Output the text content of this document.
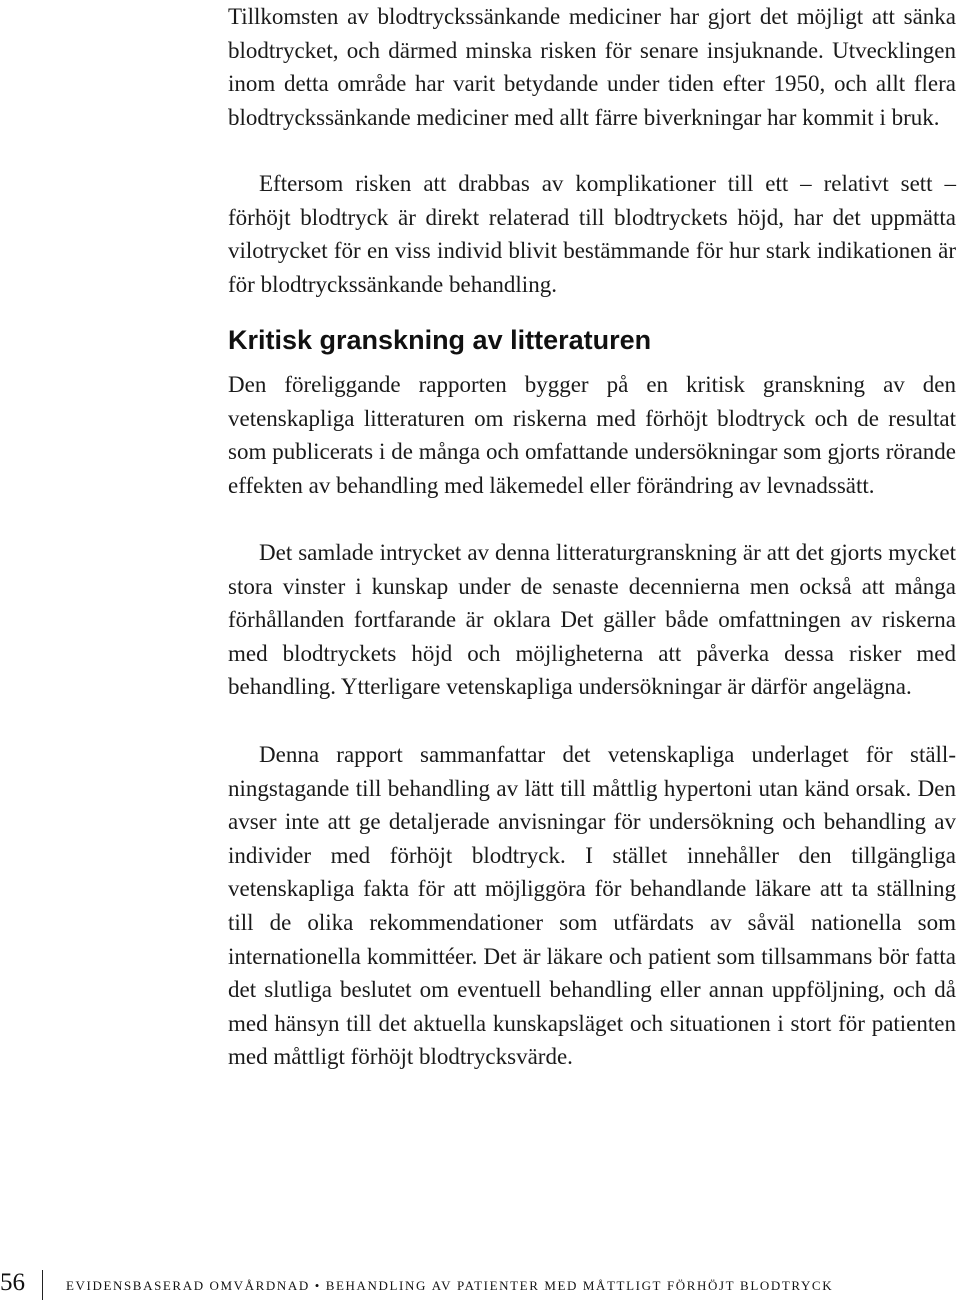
Tillkomsten av blodtryckssänkande mediciner har gjort det möjligt att sänka blodtrycket, och därmed minska risken för senare insjuknande. Utvecklingen inom detta område har varit betydande under tiden efter 1950, och allt flera blodtryckssänkande mediciner med allt färre biverkningar har kommit i bruk.

Eftersom risken att drabbas av komplikationer till ett – relativt sett – förhöjt blodtryck är direkt relaterad till blodtryckets höjd, har det uppmätta vilotrycket för en viss individ blivit bestämmande för hur stark indikationen är för blodtryckssänkande behandling.

Kritisk granskning av litteraturen

Den föreliggande rapporten bygger på en kritisk granskning av den vetenskapliga litteraturen om riskerna med förhöjt blodtryck och de resultat som publicerats i de många och omfattande undersökningar som gjorts rörande effekten av behandling med läkemedel eller förändring av levnadssätt.

Det samlade intrycket av denna litteraturgranskning är att det gjorts mycket stora vinster i kunskap under de senaste decennierna men också att många förhållanden fortfarande är oklara Det gäller både omfattningen av riskerna med blodtryckets höjd och möjligheterna att påverka dessa risker med behandling. Ytterligare vetenskapliga undersökningar är därför angelägna.

Denna rapport sammanfattar det vetenskapliga underlaget för ställningstagande till behandling av lätt till måttlig hypertoni utan känd orsak. Den avser inte att ge detaljerade anvisningar för undersökning och behandling av individer med förhöjt blodtryck. I stället innehåller den tillgängliga vetenskapliga fakta för att möjliggöra för behandlande läkare att ta ställning till de olika rekommendationer som utfärdats av såväl nationella som internationella kommittéer. Det är läkare och patient som tillsammans bör fatta det slutliga beslutet om eventuell behandling eller annan uppföljning, och då med hänsyn till det aktuella kunskapsläget och situationen i stort för patienten med måttligt förhöjt blodtrycksvärde.

56 evidensbaserad omvårdnad • behandling av patienter med måttligt förhöjt blodtryck
